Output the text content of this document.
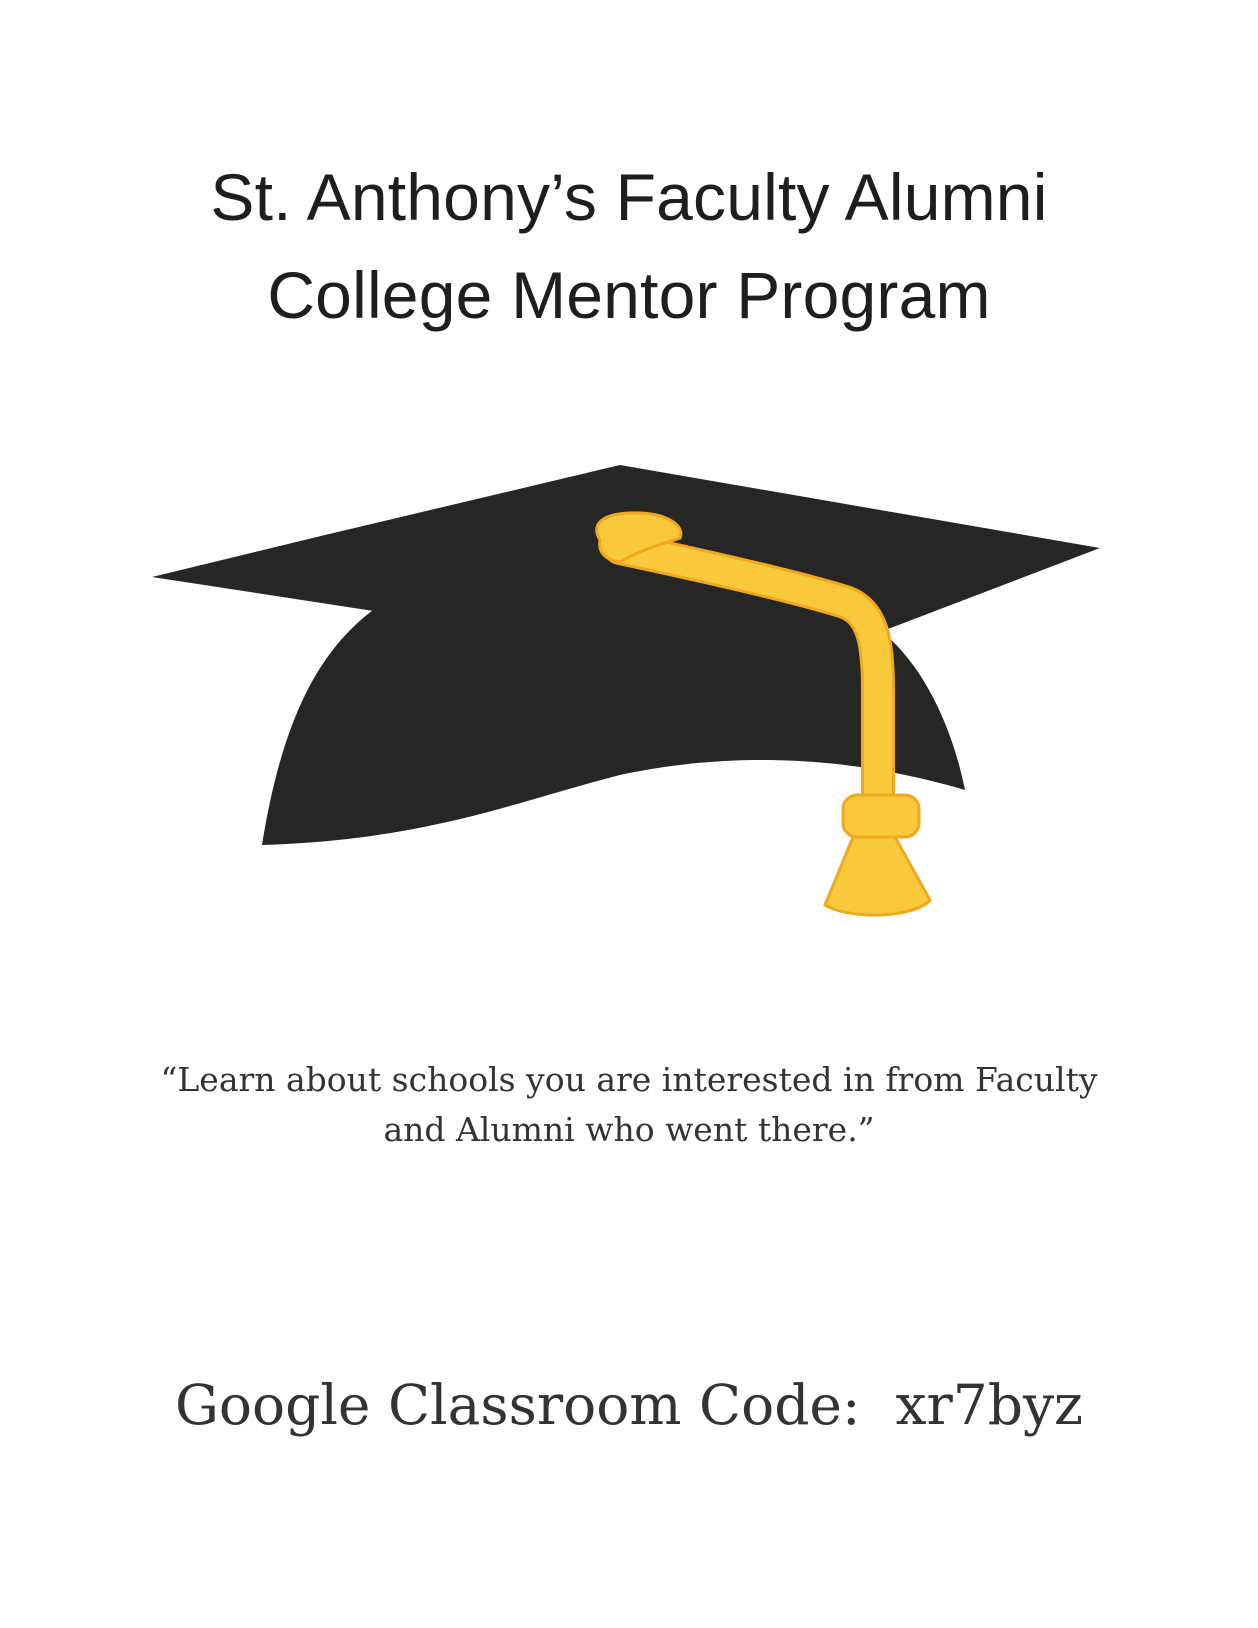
St. Anthony’s Faculty Alumni
College Mentor Program
“Learn about schools you are interested in from Faculty
and Alumni who went there.”
Google Classroom Code:  xr7byz
